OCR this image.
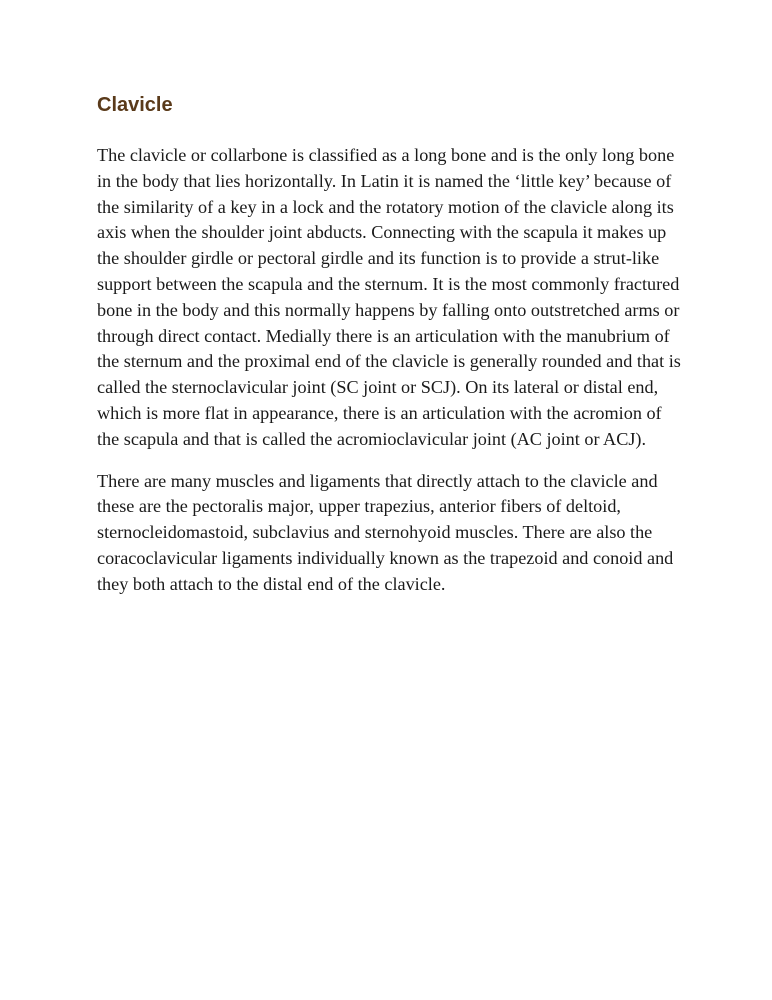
Clavicle

The clavicle or collarbone is classified as a long bone and is the only long bone in the body that lies horizontally. In Latin it is named the ‘little key’ because of the similarity of a key in a lock and the rotatory motion of the clavicle along its axis when the shoulder joint abducts. Connecting with the scapula it makes up the shoulder girdle or pectoral girdle and its function is to provide a strut-like support between the scapula and the sternum. It is the most commonly fractured bone in the body and this normally happens by falling onto outstretched arms or through direct contact. Medially there is an articulation with the manubrium of the sternum and the proximal end of the clavicle is generally rounded and that is called the sternoclavicular joint (SC joint or SCJ). On its lateral or distal end, which is more flat in appearance, there is an articulation with the acromion of the scapula and that is called the acromioclavicular joint (AC joint or ACJ).

There are many muscles and ligaments that directly attach to the clavicle and these are the pectoralis major, upper trapezius, anterior fibers of deltoid, sternocleidomastoid, subclavius and sternohyoid muscles. There are also the coracoclavicular ligaments individually known as the trapezoid and conoid and they both attach to the distal end of the clavicle.
